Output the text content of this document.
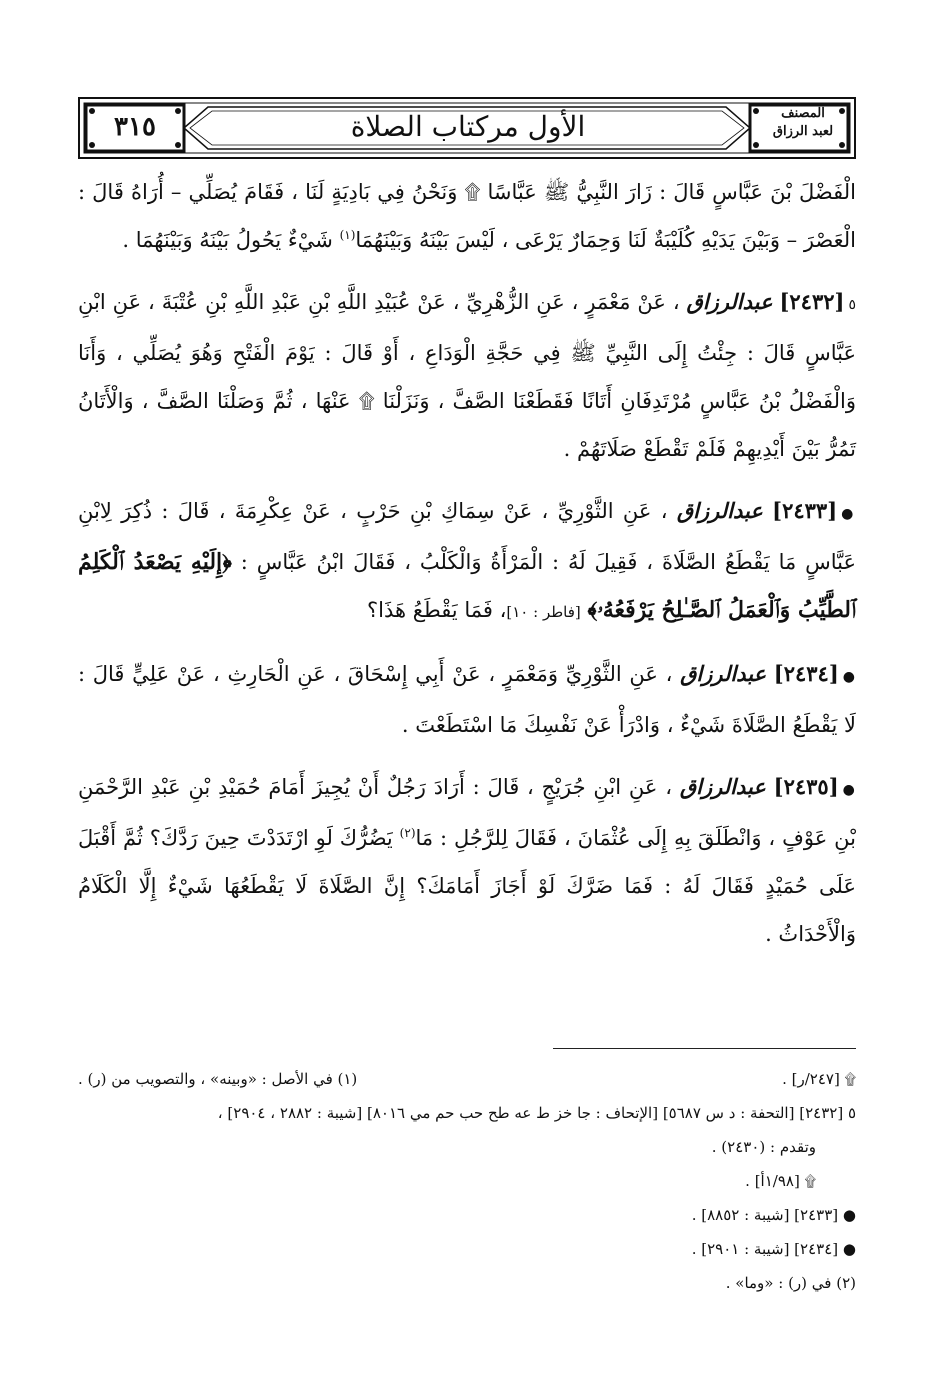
٣١٥	الأول مركتاب الصلاة	المصنف
لعبد الرزاق

الْفَضْلَ بْنَ عَبَّاسٍ قَالَ : زَارَ النَّبِيُّ ﷺ عَبَّاسًا ۩ وَنَحْنُ فِي بَادِيَةٍ لَنَا ، فَقَامَ يُصَلِّي – أُرَاهُ قَالَ : الْعَصْرَ – وَبَيْنَ يَدَيْهِ كُلَيْبَةٌ لَنَا وَحِمَارٌ يَرْعَى ، لَيْسَ بَيْنَهُ وَبَيْنَهُمَا$^{(١)}$ شَيْءٌ يَحُولُ بَيْنَهُ وَبَيْنَهُمَا .

٥[٢٤٣٢] عبدالرزاق ، عَنْ مَعْمَرٍ ، عَنِ الزُّهْرِيِّ ، عَنْ عُبَيْدِ اللَّهِ بْنِ عَبْدِ اللَّهِ بْنِ عُتْبَةَ ، عَنِ ابْنِ عَبَّاسٍ قَالَ : جِئْتُ إِلَى النَّبِيِّ ﷺ فِي حَجَّةِ الْوَدَاعِ ، أَوْ قَالَ : يَوْمَ الْفَتْحِ وَهُوَ يُصَلِّي ، وَأَنَا وَالْفَضْلُ بْنُ عَبَّاسٍ مُرْتَدِفَانِ أَتَانًا فَقَطَعْنَا الصَّفَّ ، وَنَزَلْنَا ۩ عَنْهَا ، ثُمَّ وَصَلْنَا الصَّفَّ ، وَالْأَتَانُ تَمُرُّ بَيْنَ أَيْدِيهِمْ فَلَمْ تَقْطَعْ صَلَاتَهُمْ .

●[٢٤٣٣] عبدالرزاق ، عَنِ الثَّوْرِيِّ ، عَنْ سِمَاكِ بْنِ حَرْبٍ ، عَنْ عِكْرِمَةَ ، قَالَ : ذُكِرَ لِابْنِ عَبَّاسٍ مَا يَقْطَعُ الصَّلَاةَ ، فَقِيلَ لَهُ : الْمَرْأَةُ وَالْكَلْبُ ، فَقَالَ ابْنُ عَبَّاسٍ : ﴿إِلَيْهِ يَصْعَدُ ٱلْكَلِمُ ٱلطَّيِّبُ وَٱلْعَمَلُ ٱلصَّـٰلِحُ يَرْفَعُهُۥ﴾ [فاطر : ١٠]، فَمَا يَقْطَعُ هَذَا؟

●[٢٤٣٤] عبدالرزاق ، عَنِ الثَّوْرِيِّ وَمَعْمَرٍ ، عَنْ أَبِي إِسْحَاقَ ، عَنِ الْحَارِثِ ، عَنْ عَلِيٍّ قَالَ : لَا يَقْطَعُ الصَّلَاةَ شَيْءٌ ، وَادْرَأْ عَنْ نَفْسِكَ مَا اسْتَطَعْتَ .

●[٢٤٣٥] عبدالرزاق ، عَنِ ابْنِ جُرَيْجٍ ، قَالَ : أَرَادَ رَجُلٌ أَنْ يُجِيزَ أَمَامَ حُمَيْدِ بْنِ عَبْدِ الرَّحْمَنِ بْنِ عَوْفٍ ، وَانْطَلَقَ بِهِ إِلَى عُثْمَانَ ، فَقَالَ لِلرَّجُلِ : مَا$^{(٢)}$ يَضُرُّكَ لَوِ ارْتَدَدْتَ حِينَ رَدَّكَ؟ ثُمَّ أَقْبَلَ عَلَى حُمَيْدٍ فَقَالَ لَهُ : فَمَا ضَرَّكَ لَوْ أَجَازَ أَمَامَكَ؟ إِنَّ الصَّلَاةَ لَا يَقْطَعُهَا شَيْءٌ إِلَّا الْكَلَامُ وَالْأَحْدَاثُ .

۩ [٢٤٧/ر] .
(١) في الأصل : «وبينه» ، والتصويب من (ر) .
٥ [٢٤٣٢] [التحفة : د س ٥٦٨٧] [الإتحاف : جا خز ط عه طح حب حم مي ٨٠١٦] [شيبة : ٢٨٨٢ ، ٢٩٠٤] ،
وتقدم : (٢٤٣٠) .
۩ [١/٩٨أ] .
● [٢٤٣٣] [شيبة : ٨٨٥٢] .
● [٢٤٣٤] [شيبة : ٢٩٠١] .
(٢) في (ر) : «وما» .
